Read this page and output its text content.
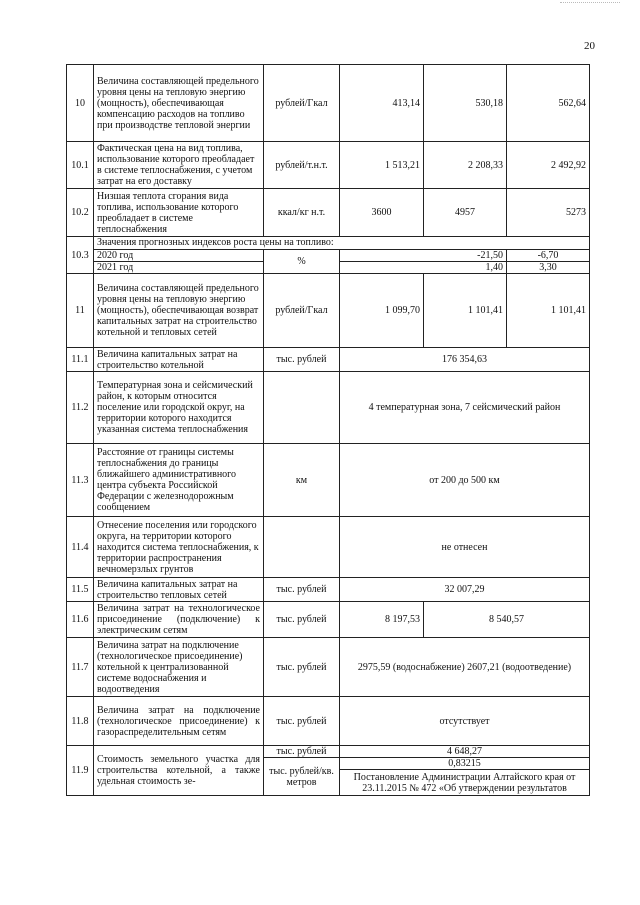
20
10	Величина составляющей предельного уровня цены на тепловую энергию (мощность), обеспечивающая компенсацию расходов на топливо при производстве тепловой энергии	рублей/Гкал	413,14	530,18	562,64
10.1	Фактическая цена на вид топлива, использование которого преобладает в системе теплоснабжения, с учетом затрат на его доставку	рублей/т.н.т.	1 513,21	2 208,33	2 492,92
10.2	Низшая теплота сгорания вида топлива, использование которого преобладает в системе теплоснабжения	ккал/кг н.т.	3600	4957	5273
10.3	Значения прогнозных индексов роста цены на топливо:				
	2020 год	%	-21,50		-6,70
	2021 год		1,40		3,30
11	Величина составляющей предельного уровня цены на тепловую энергию (мощность), обеспечивающая возврат капитальных затрат на строительство котельной и тепловых сетей	рублей/Гкал	1 099,70	1 101,41	1 101,41
11.1	Величина капитальных затрат на строительство котельной	тыс. рублей	176 354,63		
11.2	Температурная зона и сейсмический район, к которым относится поселение или городской округ, на территории которого находится указанная система теплоснабжения		4 температурная зона, 7 сейсмический район		
11.3	Расстояние от границы системы теплоснабжения до границы ближайшего административного центра субъекта Российской Федерации с железнодорожным сообщением	км	от 200 до 500 км		
11.4	Отнесение поселения или городского округа, на территории которого находится система теплоснабжения, к территории распространения вечномерзлых грунтов		не отнесен		
11.5	Величина капитальных затрат на строительство тепловых сетей	тыс. рублей	32 007,29		
11.6	Величина затрат на технологическое присоединение (подключение) к электрическим сетям	тыс. рублей	8 197,53	8 540,57	
11.7	Величина затрат на подключение (технологическое присоединение) котельной к централизованной системе водоснабжения и водоотведения	тыс. рублей	2975,59 (водоснабжение) 2607,21 (водоотведение)		
11.8	Величина затрат на подключение (технологическое присоединение) к газораспределительным сетям	тыс. рублей	отсутствует		
11.9	Стоимость земельного участка для строительства котельной, а также удельная стоимость зе-	тыс. рублей	4 648,27		
		тыс. рублей/кв. метров	0,83215		
			Постановление Администрации Алтайского края от 23.11.2015 № 472 «Об утверждении результатов		
